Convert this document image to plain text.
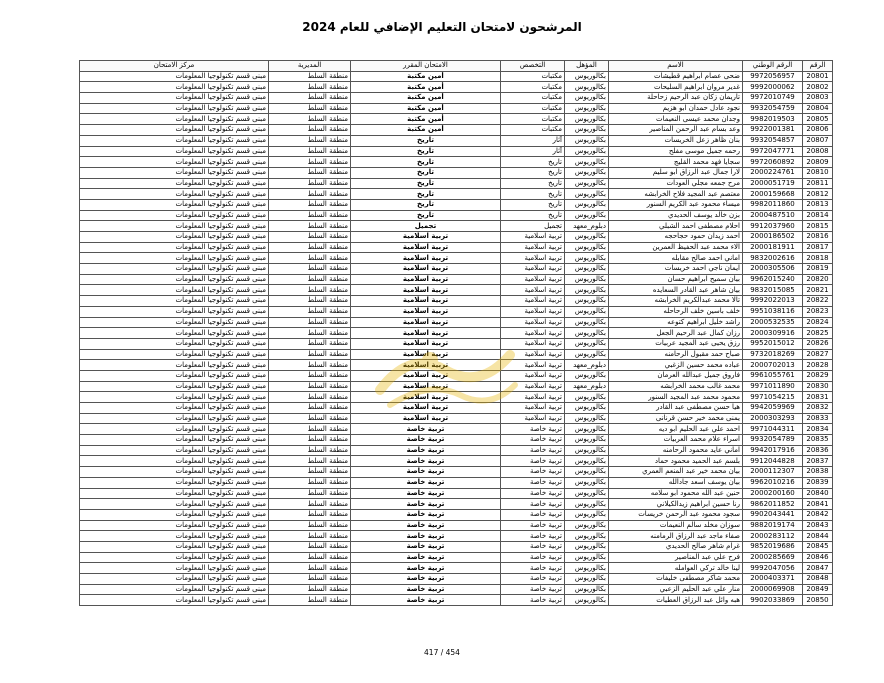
المرشحون لامتحان التعليم الإضافي للعام 2024
الرقم	الرقم الوطني	الاسم	المؤهل	التخصص	الامتحان المقرر	المديرية	مركز الامتحان
20801	9972056957	ضحى عصام ابراهيم قطيشات	بكالوريوس	مكتبات	أمين مكتبة	منطقة السلط	مبنى قسم تكنولوجيا المعلومات
20802	9992000062	غدير مروان ابراهيم السليحات	بكالوريوس	مكتبات	أمين مكتبة	منطقة السلط	مبنى قسم تكنولوجيا المعلومات
20803	9972010749	تاريمان زكان عبد الرحيم زحاحلة	بكالوريوس	مكتبات	أمين مكتبة	منطقة السلط	مبنى قسم تكنولوجيا المعلومات
20804	9932054759	نجود عادل حمدان ابو هزيم	بكالوريوس	مكتبات	أمين مكتبة	منطقة السلط	مبنى قسم تكنولوجيا المعلومات
20805	9982019503	وجدان محمد عيسى النعيمات	بكالوريوس	مكتبات	أمين مكتبة	منطقة السلط	مبنى قسم تكنولوجيا المعلومات
20806	9922001381	وعد بسام عبد الرحمن المناصير	بكالوريوس	مكتبات	أمين مكتبة	منطقة السلط	مبنى قسم تكنولوجيا المعلومات
20807	9932054857	بنان ظاهر زعل الخريسات	بكالوريوس	آثار	تاريخ	منطقة السلط	مبنى قسم تكنولوجيا المعلومات
20808	9972047771	رحمه جميل موسى مفلح	بكالوريوس	آثار	تاريخ	منطقة السلط	مبنى قسم تكنولوجيا المعلومات
20809	9972060892	سجايا فهد محمد القليج	بكالوريوس	تاريخ	تاريخ	منطقة السلط	مبنى قسم تكنولوجيا المعلومات
20810	2000224761	لارا جمال عبد الرزاق ابو سليم	بكالوريوس	تاريخ	تاريخ	منطقة السلط	مبنى قسم تكنولوجيا المعلومات
20811	2000051719	مرح جمعه مجلي العودات	بكالوريوس	تاريخ	تاريخ	منطقة السلط	مبنى قسم تكنولوجيا المعلومات
20812	2000159668	معتصم عبد المجيد فلاح الخرابشه	بكالوريوس	تاريخ	تاريخ	منطقة السلط	مبنى قسم تكنولوجيا المعلومات
20813	9982011860	ميساء محمود عبد الكريم السنور	بكالوريوس	تاريخ	تاريخ	منطقة السلط	مبنى قسم تكنولوجيا المعلومات
20814	2000487510	بزن خالد يوسف الحديدي	بكالوريوس	تاريخ	تاريخ	منطقة السلط	مبنى قسم تكنولوجيا المعلومات
20815	9912037960	احلام مصطفى احمد الشبلي	دبلوم_معهد	تجميل	تجميل	منطقة السلط	مبنى قسم تكنولوجيا المعلومات
20816	2000186502	احمد زيدان حمود حجاحجه	بكالوريوس	تربية اسلامية	تربية اسلامية	منطقة السلط	مبنى قسم تكنولوجيا المعلومات
20817	2000181911	الاء محمد عبد الحفيظ العمرين	بكالوريوس	تربية اسلامية	تربية اسلامية	منطقة السلط	مبنى قسم تكنولوجيا المعلومات
20818	9832002616	اماني احمد صالح مقابله	بكالوريوس	تربية اسلامية	تربية اسلامية	منطقة السلط	مبنى قسم تكنولوجيا المعلومات
20819	2000305506	ايمان ناجي احمد خريسات	بكالوريوس	تربية اسلامية	تربية اسلامية	منطقة السلط	مبنى قسم تكنولوجيا المعلومات
20820	9962015240	بيان سميح ابراهيم حسان	بكالوريوس	تربية اسلامية	تربية اسلامية	منطقة السلط	مبنى قسم تكنولوجيا المعلومات
20821	9832015085	بيان شاهر عبد القادر السعايده	بكالوريوس	تربية اسلامية	تربية اسلامية	منطقة السلط	مبنى قسم تكنولوجيا المعلومات
20822	9992022013	تالا محمد عبدالكريم الخرابشه	بكالوريوس	تربية اسلامية	تربية اسلامية	منطقة السلط	مبنى قسم تكنولوجيا المعلومات
20823	9951038116	خلف باسين خلف الرحاحله	بكالوريوس	تربية اسلامية	تربية اسلامية	منطقة السلط	مبنى قسم تكنولوجيا المعلومات
20824	2000532535	راشد خليل ابراهيم كتوعه	بكالوريوس	تربية اسلامية	تربية اسلامية	منطقة السلط	مبنى قسم تكنولوجيا المعلومات
20825	2000309916	رزان كمال عبد الرحيم الجعل	بكالوريوس	تربية اسلامية	تربية اسلامية	منطقة السلط	مبنى قسم تكنولوجيا المعلومات
20826	9952015012	رزق يحيى عبد المجيد عربيات	بكالوريوس	تربية اسلامية	تربية اسلامية	منطقة السلط	مبنى قسم تكنولوجيا المعلومات
20827	9732018269	صباح حمد مقبول الرحامنه	بكالوريوس	تربية اسلامية	تربية اسلامية	منطقة السلط	مبنى قسم تكنولوجيا المعلومات
20828	2000702013	عباده محمد حسين الزغبي	دبلوم_معهد	تربية اسلامية	تربية اسلامية	منطقة السلط	مبنى قسم تكنولوجيا المعلومات
20829	9961055761	فاروق جميل عبدالله العرمان	بكالوريوس	تربية اسلامية	تربية اسلامية	منطقة السلط	مبنى قسم تكنولوجيا المعلومات
20830	9971011890	محمد غالب محمد الخرابشه	دبلوم_معهد	تربية اسلامية	تربية اسلامية	منطقة السلط	مبنى قسم تكنولوجيا المعلومات
20831	9971054215	محمود محمد عبد المجيد السنور	بكالوريوس	تربية اسلامية	تربية اسلامية	منطقة السلط	مبنى قسم تكنولوجيا المعلومات
20832	9942059969	هيا حسن مصطفى عبد القادر	بكالوريوس	تربية اسلامية	تربية اسلامية	منطقة السلط	مبنى قسم تكنولوجيا المعلومات
20833	2000303293	يمنى محمد خير حسن قرنانى	بكالوريوس	تربية اسلامية	تربية اسلامية	منطقة السلط	مبنى قسم تكنولوجيا المعلومات
20834	9971044311	احمد علي عبد الحليم ابو ديه	بكالوريوس	تربية خاصة	تربية خاصة	منطقة السلط	مبنى قسم تكنولوجيا المعلومات
20835	9932054789	اسراء علام محمد العربيات	بكالوريوس	تربية خاصة	تربية خاصة	منطقة السلط	مبنى قسم تكنولوجيا المعلومات
20836	9942017916	اماني عايد محمود الرحامنه	بكالوريوس	تربية خاصة	تربية خاصة	منطقة السلط	مبنى قسم تكنولوجيا المعلومات
20837	9912044828	بلسم عبد الحميد محمود حماد	بكالوريوس	تربية خاصة	تربية خاصة	منطقة السلط	مبنى قسم تكنولوجيا المعلومات
20838	2000112307	بيان محمد خير عبد المنعم العمري	بكالوريوس	تربية خاصة	تربية خاصة	منطقة السلط	مبنى قسم تكنولوجيا المعلومات
20839	9962010216	بيان يوسف اسعد جادالله	بكالوريوس	تربية خاصة	تربية خاصة	منطقة السلط	مبنى قسم تكنولوجيا المعلومات
20840	2000200160	حنين عبد الله محمود ابو سلامه	بكالوريوس	تربية خاصة	تربية خاصة	منطقة السلط	مبنى قسم تكنولوجيا المعلومات
20841	9862011852	رنا حسين ابراهيم زيدالكيلاني	بكالوريوس	تربية خاصة	تربية خاصة	منطقة السلط	مبنى قسم تكنولوجيا المعلومات
20842	9902043441	سجود محمود عبد الرحمن خريسات	بكالوريوس	تربية خاصة	تربية خاصة	منطقة السلط	مبنى قسم تكنولوجيا المعلومات
20843	9882019174	سوزان مخلد سالم النعيمات	بكالوريوس	تربية خاصة	تربية خاصة	منطقة السلط	مبنى قسم تكنولوجيا المعلومات
20844	2000283112	صفاء ماجد عبد الرزاق الرمامنه	بكالوريوس	تربية خاصة	تربية خاصة	منطقة السلط	مبنى قسم تكنولوجيا المعلومات
20845	9852019686	غرام شاهر صالح الحديدي	بكالوريوس	تربية خاصة	تربية خاصة	منطقة السلط	مبنى قسم تكنولوجيا المعلومات
20846	2000285669	فرح علي عبد المناصير	بكالوريوس	تربية خاصة	تربية خاصة	منطقة السلط	مبنى قسم تكنولوجيا المعلومات
20847	9992047056	لينا خالد تركي العوامله	بكالوريوس	تربية خاصة	تربية خاصة	منطقة السلط	مبنى قسم تكنولوجيا المعلومات
20848	2000403371	محمد شاكر مصطفى خليفات	بكالوريوس	تربية خاصة	تربية خاصة	منطقة السلط	مبنى قسم تكنولوجيا المعلومات
20849	2000069908	منار علي عبد الحليم الزعبي	بكالوريوس	تربية خاصة	تربية خاصة	منطقة السلط	مبنى قسم تكنولوجيا المعلومات
20850	9902033869	هبه وائل عبد الرزاق العطيات	بكالوريوس	تربية خاصة	تربية خاصة	منطقة السلط	مبنى قسم تكنولوجيا المعلومات
417 / 454
